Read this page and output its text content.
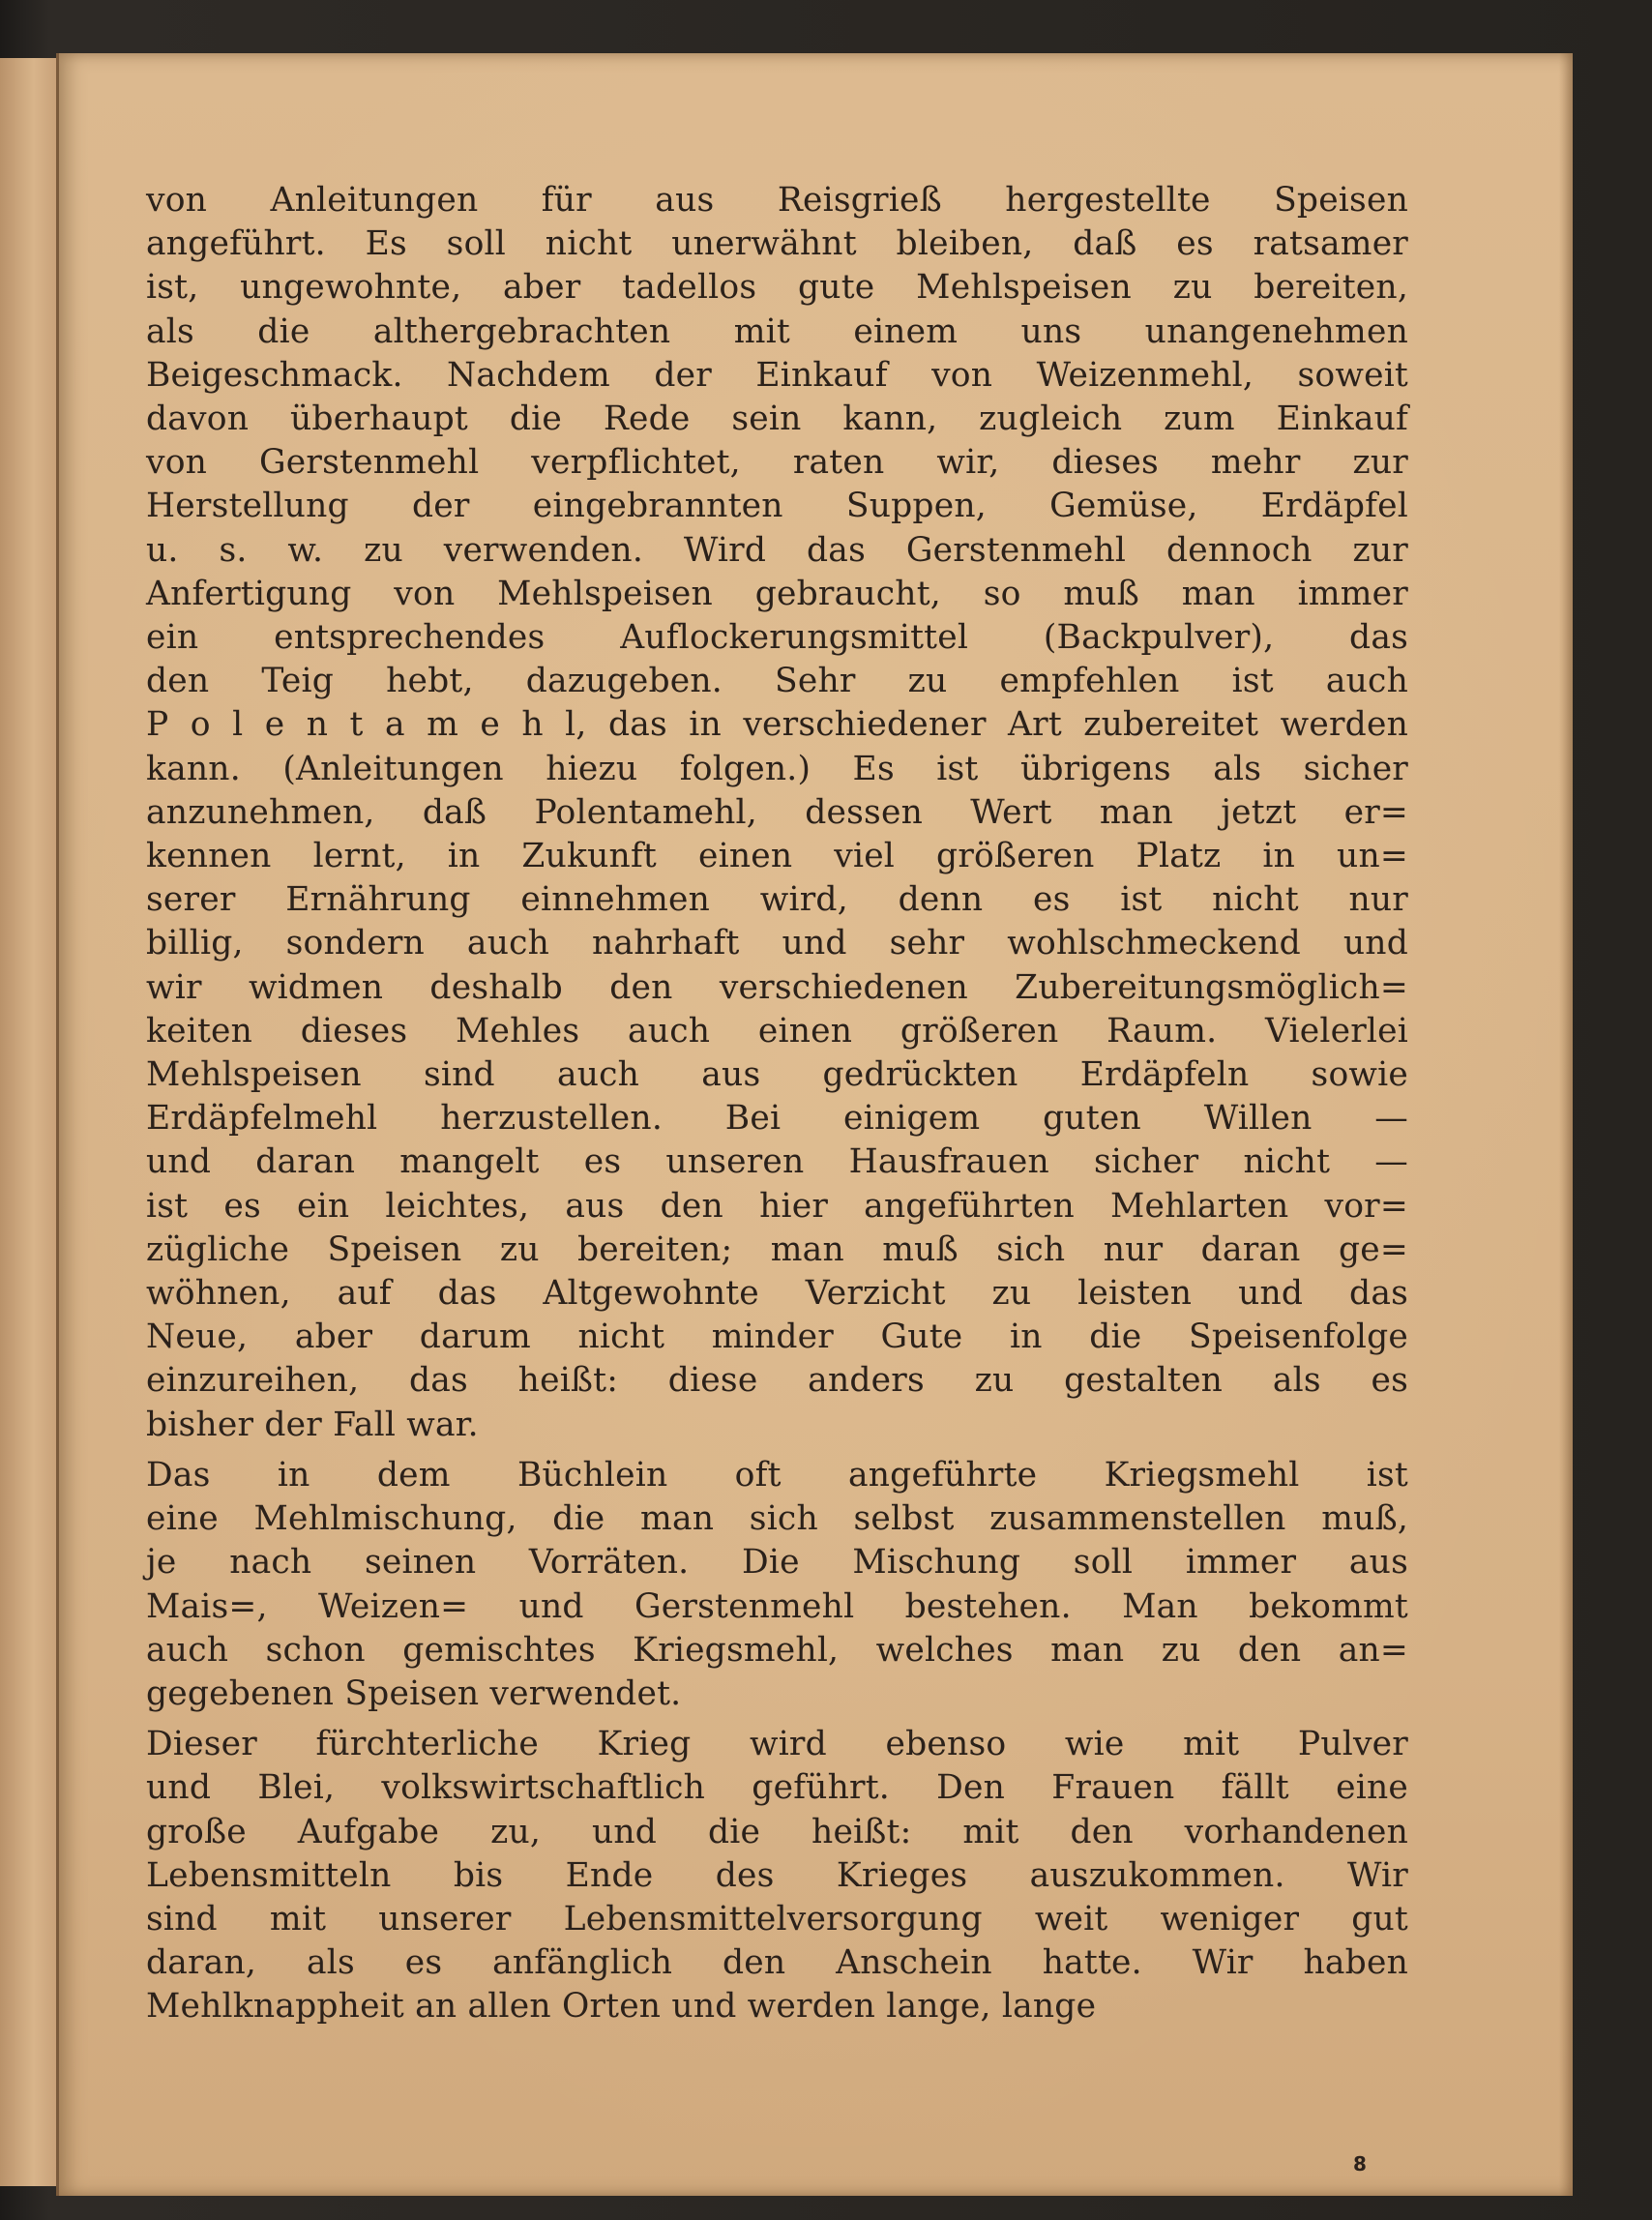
von Anleitungen für aus Reisgrieß hergestellte Speisen
angeführt. Es soll nicht unerwähnt bleiben, daß es ratsamer
ist, ungewohnte, aber tadellos gute Mehlspeisen zu bereiten,
als die althergebrachten mit einem uns unangenehmen
Beigeschmack. Nachdem der Einkauf von Weizenmehl, soweit
davon überhaupt die Rede sein kann, zugleich zum Einkauf
von Gerstenmehl verpflichtet, raten wir, dieses mehr zur
Herstellung der eingebrannten Suppen, Gemüse, Erdäpfel
u. s. w. zu verwenden. Wird das Gerstenmehl dennoch zur
Anfertigung von Mehlspeisen gebraucht, so muß man immer
ein entsprechendes Auflockerungsmittel (Backpulver), das
den Teig hebt, dazugeben. Sehr zu empfehlen ist auch
P o l e n t a m e h l, das in verschiedener Art zubereitet werden
kann. (Anleitungen hiezu folgen.) Es ist übrigens als sicher
anzunehmen, daß Polentamehl, dessen Wert man jetzt er=
kennen lernt, in Zukunft einen viel größeren Platz in un=
serer Ernährung einnehmen wird, denn es ist nicht nur
billig, sondern auch nahrhaft und sehr wohlschmeckend und
wir widmen deshalb den verschiedenen Zubereitungsmöglich=
keiten dieses Mehles auch einen größeren Raum. Vielerlei
Mehlspeisen sind auch aus gedrückten Erdäpfeln sowie
Erdäpfelmehl herzustellen. Bei einigem guten Willen —
und daran mangelt es unseren Hausfrauen sicher nicht —
ist es ein leichtes, aus den hier angeführten Mehlarten vor=
zügliche Speisen zu bereiten; man muß sich nur daran ge=
wöhnen, auf das Altgewohnte Verzicht zu leisten und das
Neue, aber darum nicht minder Gute in die Speisenfolge
einzureihen, das heißt: diese anders zu gestalten als es
bisher der Fall war.

Das in dem Büchlein oft angeführte Kriegsmehl ist
eine Mehlmischung, die man sich selbst zusammenstellen muß,
je nach seinen Vorräten. Die Mischung soll immer aus
Mais=, Weizen= und Gerstenmehl bestehen. Man bekommt
auch schon gemischtes Kriegsmehl, welches man zu den an=
gegebenen Speisen verwendet.

Dieser fürchterliche Krieg wird ebenso wie mit Pulver
und Blei, volkswirtschaftlich geführt. Den Frauen fällt eine
große Aufgabe zu, und die heißt: mit den vorhandenen
Lebensmitteln bis Ende des Krieges auszukommen. Wir
sind mit unserer Lebensmittelversorgung weit weniger gut
daran, als es anfänglich den Anschein hatte. Wir haben
Mehlknappheit an allen Orten und werden lange, lange

8
